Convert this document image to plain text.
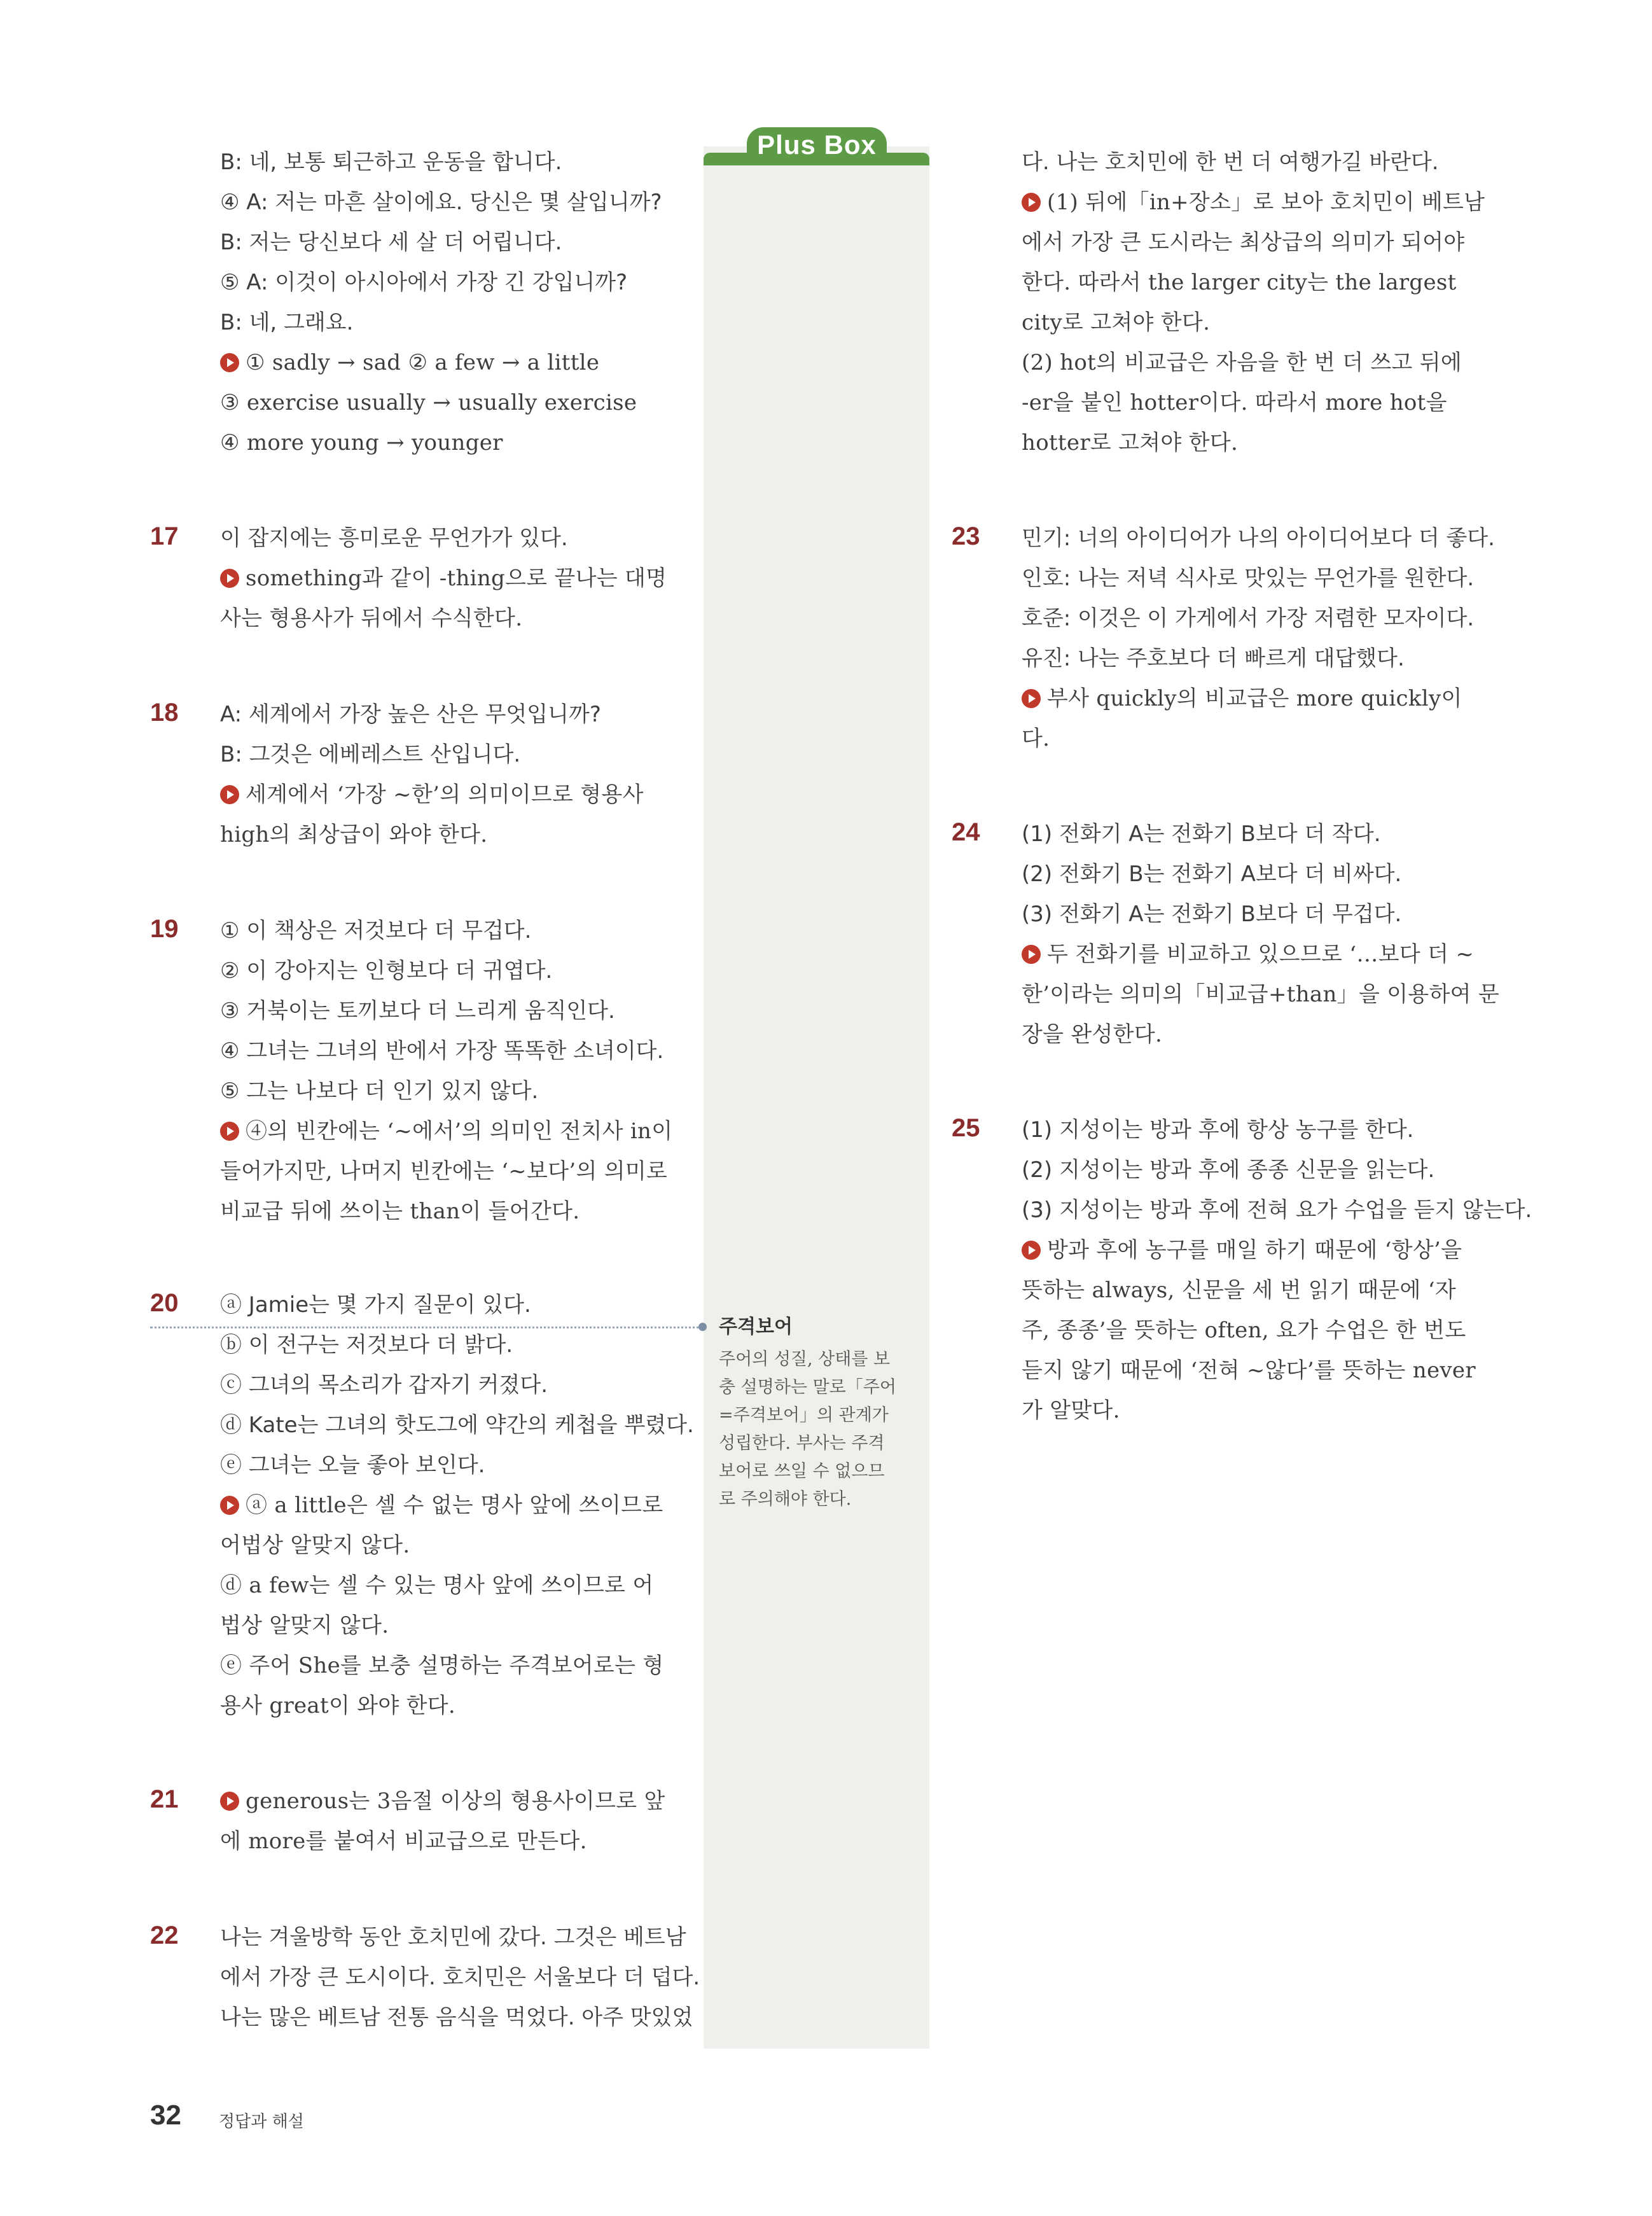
Plus Box
주격보어
주어의 성질, 상태를 보
충 설명하는 말로「주어
=주격보어」의 관계가
성립한다. 부사는 주격
보어로 쓰일 수 없으므
로 주의해야 한다.
B: 네, 보통 퇴근하고 운동을 합니다.
④ A: 저는 마흔 살이에요. 당신은 몇 살입니까?
B: 저는 당신보다 세 살 더 어립니다.
⑤ A: 이것이 아시아에서 가장 긴 강입니까?
B: 네, 그래요.
① sadly → sad ② a few → a little
③ exercise usually → usually exercise
④ more young → younger
17 이 잡지에는 흥미로운 무언가가 있다.
something과 같이 -thing으로 끝나는 대명
사는 형용사가 뒤에서 수식한다.
18 A: 세계에서 가장 높은 산은 무엇입니까?
B: 그것은 에베레스트 산입니다.
세계에서 ‘가장 ~한’의 의미이므로 형용사
high의 최상급이 와야 한다.
19 ① 이 책상은 저것보다 더 무겁다.
② 이 강아지는 인형보다 더 귀엽다.
③ 거북이는 토끼보다 더 느리게 움직인다.
④ 그녀는 그녀의 반에서 가장 똑똑한 소녀이다.
⑤ 그는 나보다 더 인기 있지 않다.
④의 빈칸에는 ‘~에서’의 의미인 전치사 in이
들어가지만, 나머지 빈칸에는 ‘~보다’의 의미로
비교급 뒤에 쓰이는 than이 들어간다.
20 ⓐ Jamie는 몇 가지 질문이 있다.
ⓑ 이 전구는 저것보다 더 밝다.
ⓒ 그녀의 목소리가 갑자기 커졌다.
ⓓ Kate는 그녀의 핫도그에 약간의 케첩을 뿌렸다.
ⓔ 그녀는 오늘 좋아 보인다.
ⓐ a little은 셀 수 없는 명사 앞에 쓰이므로
어법상 알맞지 않다.
ⓓ a few는 셀 수 있는 명사 앞에 쓰이므로 어
법상 알맞지 않다.
ⓔ 주어 She를 보충 설명하는 주격보어로는 형
용사 great이 와야 한다.
21	generous는 3음절 이상의 형용사이므로 앞
에 more를 붙여서 비교급으로 만든다.
22 나는 겨울방학 동안 호치민에 갔다. 그것은 베트남
에서 가장 큰 도시이다. 호치민은 서울보다 더 덥다.
나는 많은 베트남 전통 음식을 먹었다. 아주 맛있었
다. 나는 호치민에 한 번 더 여행가길 바란다.
(1) 뒤에「in+장소」로 보아 호치민이 베트남
에서 가장 큰 도시라는 최상급의 의미가 되어야
한다. 따라서 the larger city는 the largest
city로 고쳐야 한다.
(2) hot의 비교급은 자음을 한 번 더 쓰고 뒤에
-er을 붙인 hotter이다. 따라서 more hot을
hotter로 고쳐야 한다.
23 민기: 너의 아이디어가 나의 아이디어보다 더 좋다.
인호: 나는 저녁 식사로 맛있는 무언가를 원한다.
호준: 이것은 이 가게에서 가장 저렴한 모자이다.
유진: 나는 주호보다 더 빠르게 대답했다.
부사 quickly의 비교급은 more quickly이
다.
24 (1) 전화기 A는 전화기 B보다 더 작다.
(2) 전화기 B는 전화기 A보다 더 비싸다.
(3) 전화기 A는 전화기 B보다 더 무겁다.
두 전화기를 비교하고 있으므로 ‘…보다 더 ~
한’이라는 의미의「비교급+than」을 이용하여 문
장을 완성한다.
25 (1) 지성이는 방과 후에 항상 농구를 한다.
(2) 지성이는 방과 후에 종종 신문을 읽는다.
(3) 지성이는 방과 후에 전혀 요가 수업을 듣지 않는다.
방과 후에 농구를 매일 하기 때문에 ‘항상’을
뜻하는 always, 신문을 세 번 읽기 때문에 ‘자
주, 종종’을 뜻하는 often, 요가 수업은 한 번도
듣지 않기 때문에 ‘전혀 ~않다’를 뜻하는 never
가 알맞다.
32 정답과 해설
